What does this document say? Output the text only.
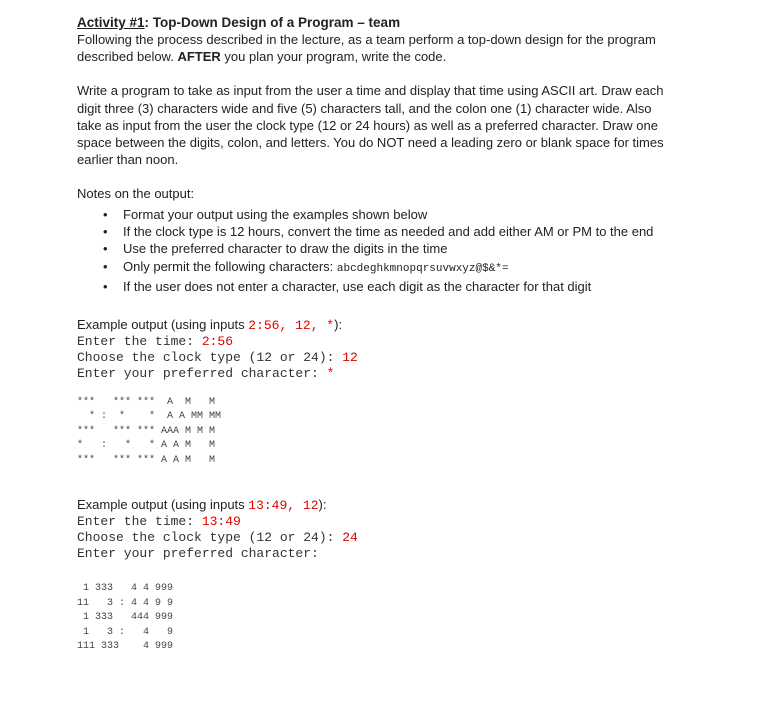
Activity #1: Top-Down Design of a Program – team

Following the process described in the lecture, as a team perform a top-down design for the program

described below. AFTER you plan your program, write the code.

Write a program to take as input from the user a time and display that time using ASCII art. Draw each

digit three (3) characters wide and five (5) characters tall, and the colon one (1) character wide. Also

take as input from the user the clock type (12 or 24 hours) as well as a preferred character. Draw one

space between the digits, colon, and letters. You do NOT need a leading zero or blank space for times

earlier than noon.

Notes on the output:

• Format your output using the examples shown below
• If the clock type is 12 hours, convert the time as needed and add either AM or PM to the end
• Use the preferred character to draw the digits in the time
• Only permit the following characters: abcdeghkmnopqrsuvwxyz@$&*=
• If the user does not enter a character, use each digit as the character for that digit

Example output (using inputs 2:56, 12, *):

Enter the time: 2:56
Choose the clock type (12 or 24): 12
Enter your preferred character: *
***   *** ***  A  M   M
* :  *    *  A A MM MM
***   *** *** AAA M M M
*   :   *   * A A M   M
***   *** *** A A M   M

Example output (using inputs 13:49, 12):

Enter the time: 13:49
Choose the clock type (12 or 24): 24
Enter your preferred character:
1 333   4 4 999
11   3 : 4 4 9 9
1 333   444 999
1   3 :   4   9
111 333    4 999
